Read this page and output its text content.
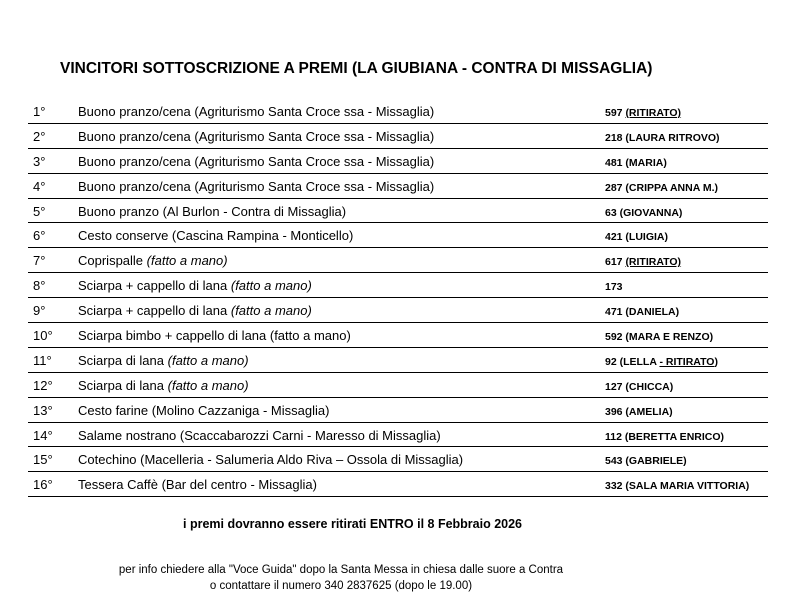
VINCITORI SOTTOSCRIZIONE A PREMI (LA GIUBIANA - CONTRA DI MISSAGLIA)
1°	Buono pranzo/cena (Agriturismo Santa Croce ssa - Missaglia)	597 (RITIRATO)
2°	Buono pranzo/cena (Agriturismo Santa Croce ssa - Missaglia)	218 (LAURA RITROVO)
3°	Buono pranzo/cena (Agriturismo Santa Croce ssa - Missaglia)	481 (MARIA)
4°	Buono pranzo/cena (Agriturismo Santa Croce ssa - Missaglia)	287 (CRIPPA ANNA M.)
5°	Buono pranzo (Al Burlon - Contra di Missaglia)	63 (GIOVANNA)
6°	Cesto conserve (Cascina Rampina - Monticello)	421 (LUIGIA)
7°	Coprispalle (fatto a mano)	617 (RITIRATO)
8°	Sciarpa + cappello di lana (fatto a mano)	173
9°	Sciarpa + cappello di lana (fatto a mano)	471 (DANIELA)
10° Sciarpa bimbo + cappello di lana (fatto a mano)	592 (MARA E RENZO)
11° Sciarpa di lana (fatto a mano)	92 (LELLA - RITIRATO)
12° Sciarpa di lana (fatto a mano)	127 (CHICCA)
13° Cesto farine (Molino Cazzaniga - Missaglia)	396 (AMELIA)
14° Salame nostrano (Scaccabarozzi Carni - Maresso di Missaglia)	112 (BERETTA ENRICO)
15° Cotechino (Macelleria - Salumeria Aldo Riva – Ossola di Missaglia)	543 (GABRIELE)
16° Tessera Caffè (Bar del centro - Missaglia)	332 (SALA MARIA VITTORIA)
i premi dovranno essere ritirati ENTRO il 8 Febbraio 2026
per info chiedere alla "Voce Guida" dopo la Santa Messa in chiesa dalle suore a Contra
o contattare il numero 340 2837625 (dopo le 19.00)
